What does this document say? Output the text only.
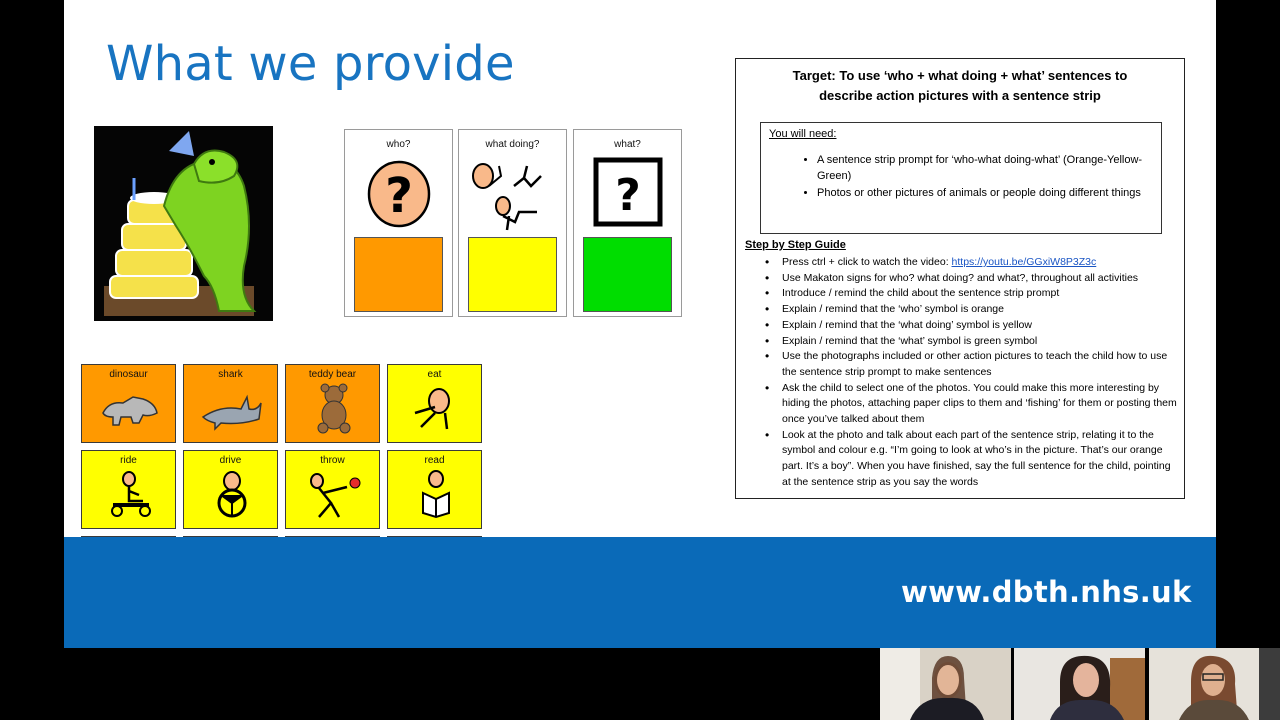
What we provide
who?
?
what doing?	what?
?
dinosaur	shark	teddy bear	eat
ride	drive	throw	read
Target: To use ‘who + what doing + what’ sentences to
describe action pictures with a sentence strip
You will need:
• A sentence strip prompt for ‘who-what doing-what’ (Orange-Yellow-Green)
• Photos or other pictures of animals or people doing different things
Step by Step Guide
• Press ctrl + click to watch the video: https://youtu.be/GGxiW8P3Z3c
• Use Makaton signs for who? what doing? and what?, throughout all activities
• Introduce / remind the child about the sentence strip prompt
• Explain / remind that the ‘who’ symbol is orange
• Explain / remind that the ‘what doing’ symbol is yellow
• Explain / remind that the ‘what’ symbol is green symbol
• Use the photographs included or other action pictures to teach the child how to use the sentence strip prompt to make sentences
• Ask the child to select one of the photos. You could make this more interesting by hiding the photos, attaching paper clips to them and ‘fishing’ for them or posting them once you’ve talked about them
• Look at the photo and talk about each part of the sentence strip, relating it to the symbol and colour e.g. “I’m going to look at who’s in the picture. That’s our orange part. It’s a boy”. When you have finished, say the full sentence for the child, pointing at the sentence strip as you say the words
www.dbth.nhs.uk
